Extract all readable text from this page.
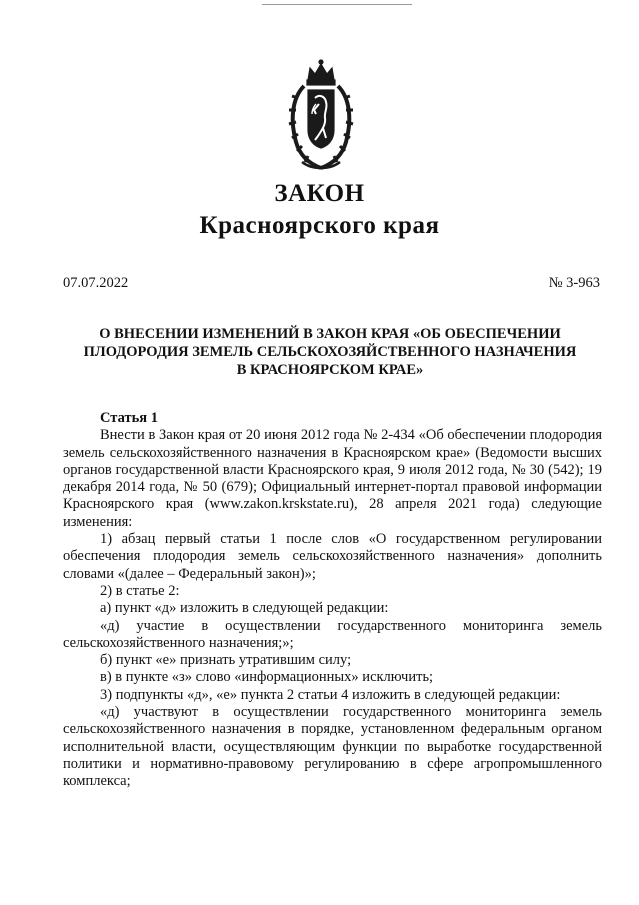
ЗАКОН
Красноярского края
07.07.2022	№ 3-963
О ВНЕСЕНИИ ИЗМЕНЕНИЙ В ЗАКОН КРАЯ «ОБ ОБЕСПЕЧЕНИИ
ПЛОДОРОДИЯ ЗЕМЕЛЬ СЕЛЬСКОХОЗЯЙСТВЕННОГО НАЗНАЧЕНИЯ
В КРАСНОЯРСКОМ КРАЕ»

Статья 1

Внести в Закон края от 20 июня 2012 года № 2-434 «Об обеспечении плодородия земель сельскохозяйственного назначения в Красноярском крае» (Ведомости высших органов государственной власти Красноярского края, 9 июля 2012 года, № 30 (542); 19 декабря 2014 года, № 50 (679); Официальный интернет-портал правовой информации Красноярского края (www.zakon.krskstate.ru), 28 апреля 2021 года) следующие изменения:

1) абзац первый статьи 1 после слов «О государственном регулировании обеспечения плодородия земель сельскохозяйственного назначения» дополнить словами «(далее – Федеральный закон)»;

2) в статье 2:

а) пункт «д» изложить в следующей редакции:

«д) участие в осуществлении государственного мониторинга земель сельскохозяйственного назначения;»;

б) пункт «е» признать утратившим силу;

в) в пункте «з» слово «информационных» исключить;

3) подпункты «д», «е» пункта 2 статьи 4 изложить в следующей редакции:

«д) участвуют в осуществлении государственного мониторинга земель сельскохозяйственного назначения в порядке, установленном федеральным органом исполнительной власти, осуществляющим функции по выработке государственной политики и нормативно-правовому регулированию в сфере агропромышленного комплекса;
